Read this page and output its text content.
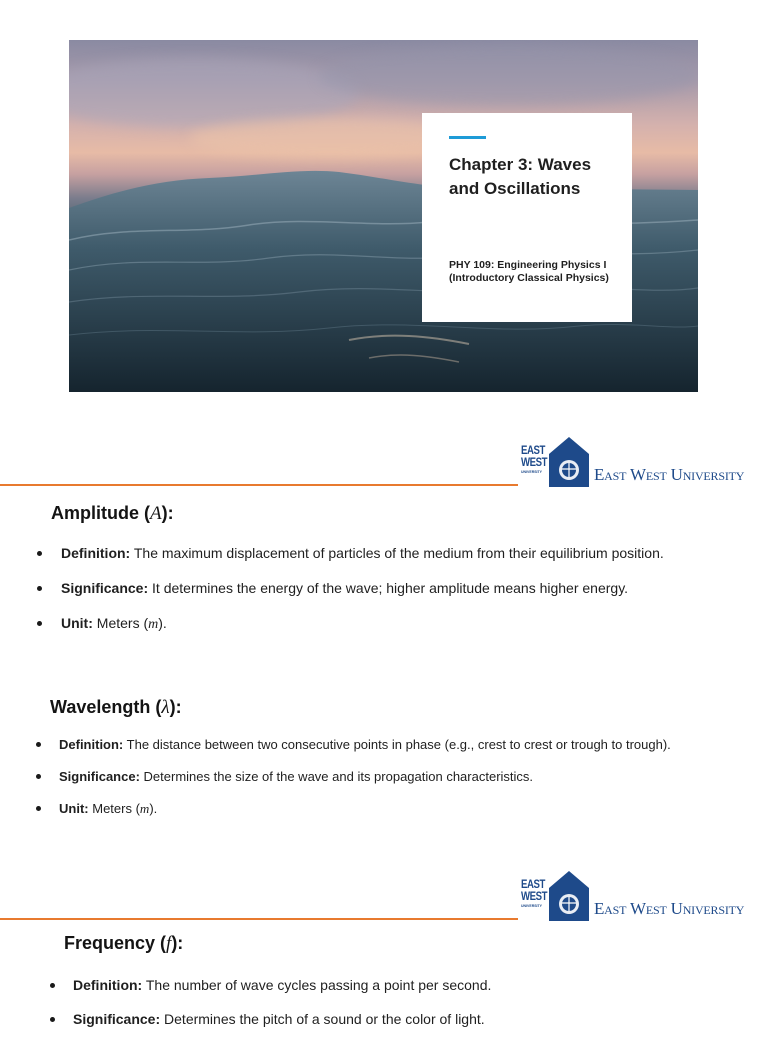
Chapter 3: Waves and Oscillations
PHY 109: Engineering Physics I (Introductory Classical Physics)
EAST
WEST
UNIVERSITY	East West University
Amplitude (A):
Definition: The maximum displacement of particles of the medium from their equilibrium position.
Significance: It determines the energy of the wave; higher amplitude means higher energy.
Unit: Meters (m).
Wavelength (λ):
Definition: The distance between two consecutive points in phase (e.g., crest to crest or trough to trough).
Significance: Determines the size of the wave and its propagation characteristics.
Unit: Meters (m).
EAST
WEST
UNIVERSITY	East West University
Frequency (f):
Definition: The number of wave cycles passing a point per second.
Significance: Determines the pitch of a sound or the color of light.
